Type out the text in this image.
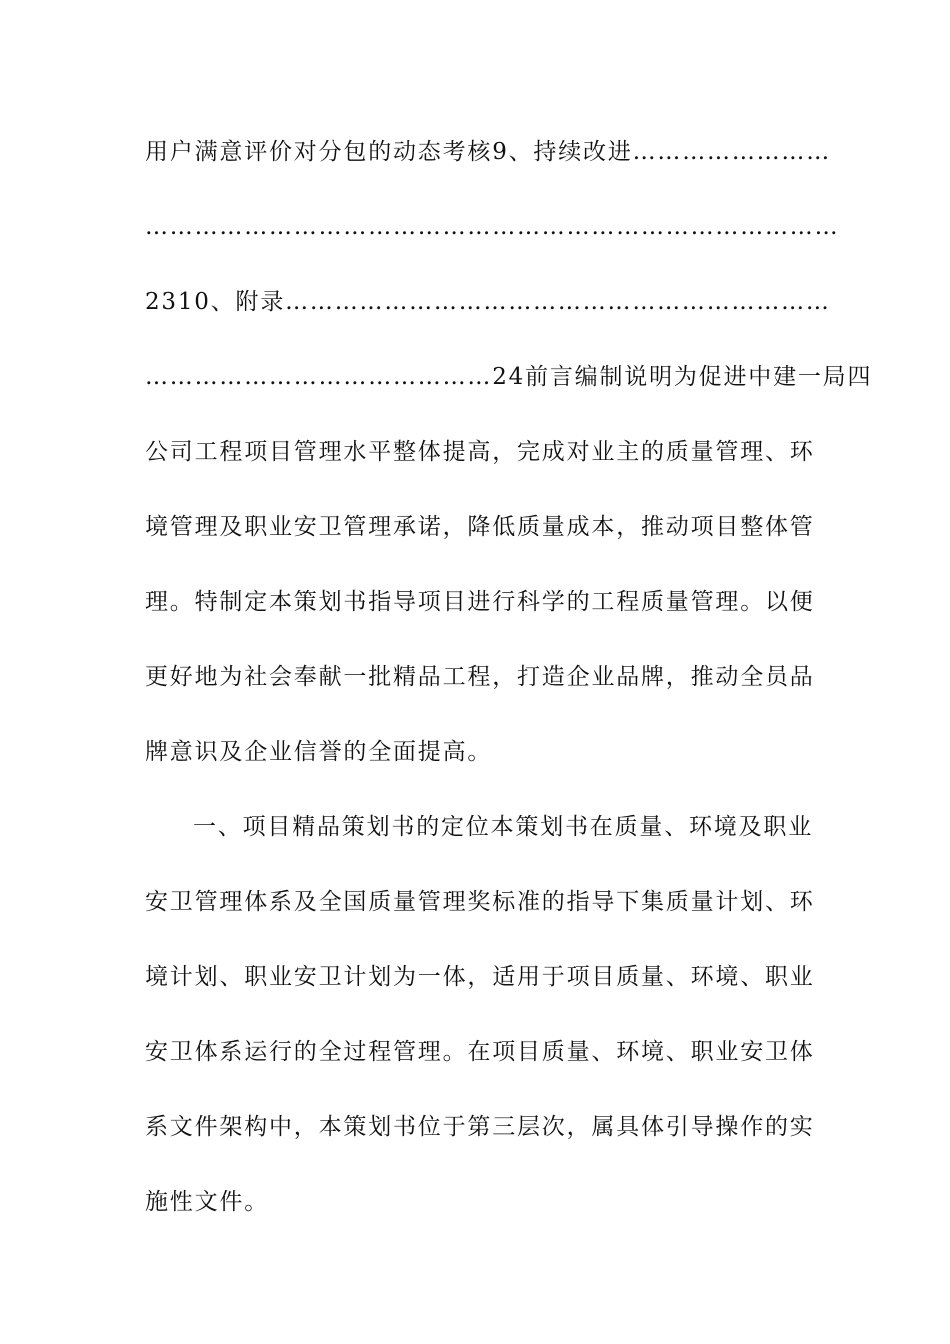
用户满意评价对分包的动态考核9、持续改进……………………
…………………………………………………………………………
2310、附录…………………………………………………………
……………………………………24前言编制说明为促进中建一局四
公司工程项目管理水平整体提高，完成对业主的质量管理、环
境管理及职业安卫管理承诺，降低质量成本，推动项目整体管
理。特制定本策划书指导项目进行科学的工程质量管理。以便
更好地为社会奉献一批精品工程，打造企业品牌，推动全员品
牌意识及企业信誉的全面提高。
一、项目精品策划书的定位本策划书在质量、环境及职业
安卫管理体系及全国质量管理奖标准的指导下集质量计划、环
境计划、职业安卫计划为一体，适用于项目质量、环境、职业
安卫体系运行的全过程管理。在项目质量、环境、职业安卫体
系文件架构中，本策划书位于第三层次，属具体引导操作的实
施性文件。
